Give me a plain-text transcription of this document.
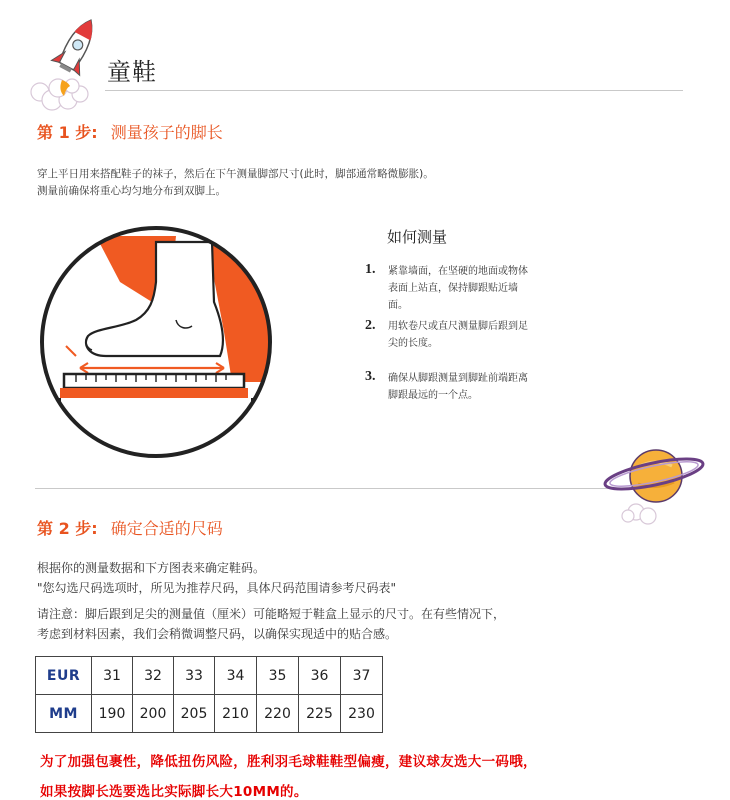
童鞋
第 1 步: 测量孩子的脚长
穿上平日用来搭配鞋子的袜子，然后在下午测量脚部尺寸(此时，脚部通常略微膨胀)。
测量前确保将重心均匀地分布到双脚上。
如何测量
1. 紧靠墙面，在坚硬的地面或物体
表面上站直，保持脚跟贴近墙
面。
2. 用软卷尺或直尺测量脚后跟到足
尖的长度。
3. 确保从脚跟测量到脚趾前端距离
脚跟最远的一个点。
第 2 步: 确定合适的尺码
根据你的测量数据和下方图表来确定鞋码。
"您勾选尺码选项时，所见为推荐尺码，具体尺码范围请参考尺码表"
请注意：脚后跟到足尖的测量值（厘米）可能略短于鞋盒上显示的尺寸。在有些情况下，
考虑到材料因素，我们会稍微调整尺码，以确保实现适中的贴合感。
EUR	31	32	33	34	35	36	37
MM	190	200	205	210	220	225	230
为了加强包裹性，降低扭伤风险，胜利羽毛球鞋鞋型偏瘦，建议球友选大一码哦，
如果按脚长选要选比实际脚长大10MM的。
